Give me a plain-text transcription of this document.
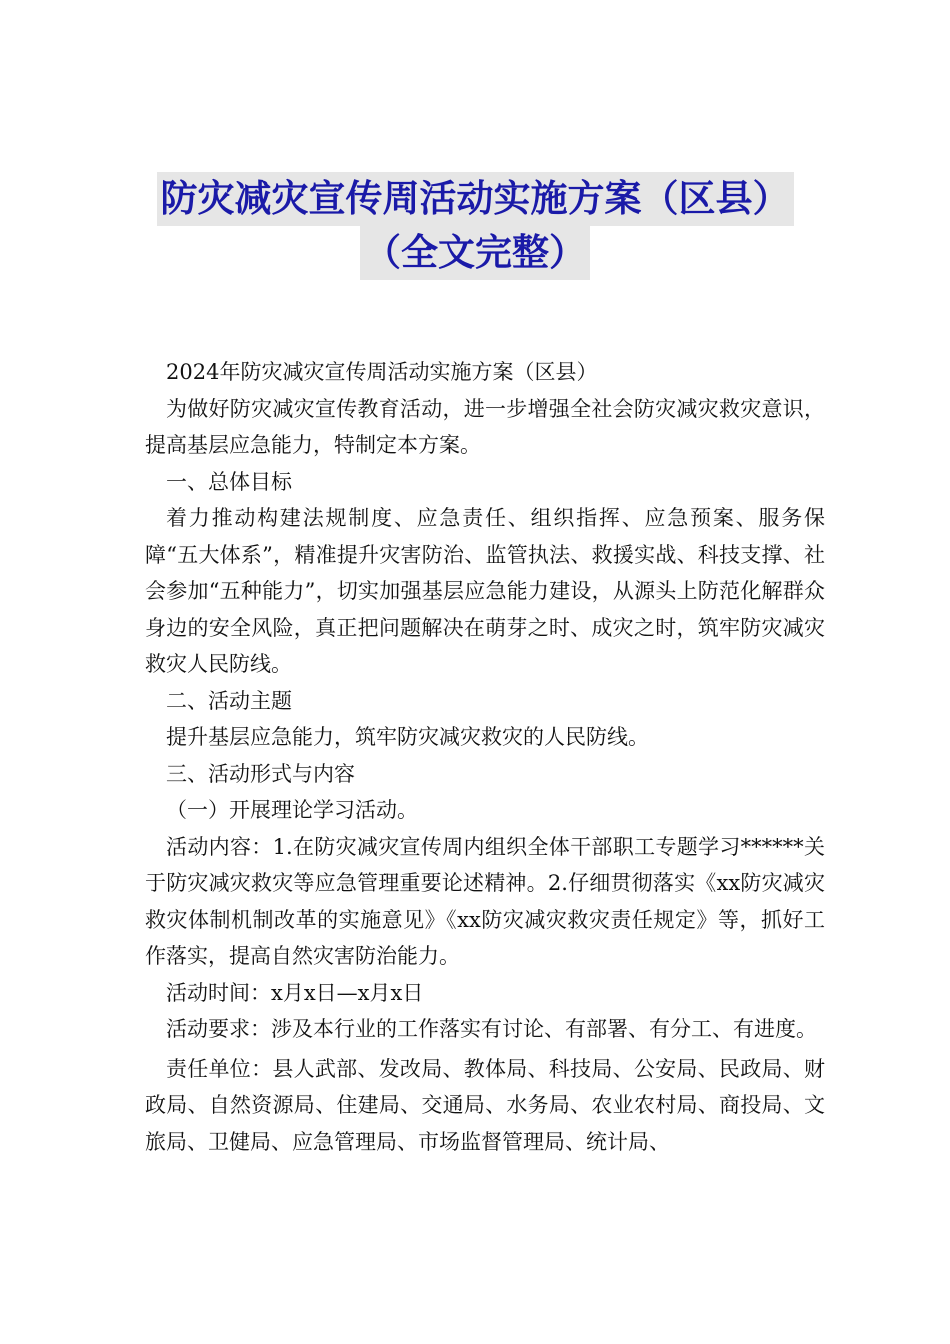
防灾减灾宣传周活动实施方案（区县）
（全文完整）

2024年防灾减灾宣传周活动实施方案（区县）

为做好防灾减灾宣传教育活动，进一步增强全社会防灾减灾救灾意识，提高基层应急能力，特制定本方案。

一、总体目标

着力推动构建法规制度、应急责任、组织指挥、应急预案、服务保障“五大体系”，精准提升灾害防治、监管执法、救援实战、科技支撑、社会参加“五种能力”，切实加强基层应急能力建设，从源头上防范化解群众身边的安全风险，真正把问题解决在萌芽之时、成灾之时，筑牢防灾减灾救灾人民防线。

二、活动主题

提升基层应急能力，筑牢防灾减灾救灾的人民防线。

三、活动形式与内容

（一）开展理论学习活动。

活动内容：1.在防灾减灾宣传周内组织全体干部职工专题学习******关于防灾减灾救灾等应急管理重要论述精神。2.仔细贯彻落实《xx防灾减灾救灾体制机制改革的实施意见》《xx防灾减灾救灾责任规定》等，抓好工作落实，提高自然灾害防治能力。

活动时间：x月x日—x月x日

活动要求：涉及本行业的工作落实有讨论、有部署、有分工、有进度。

责任单位：县人武部、发改局、教体局、科技局、公安局、民政局、财政局、自然资源局、住建局、交通局、水务局、农业农村局、商投局、文旅局、卫健局、应急管理局、市场监督管理局、统计局、
